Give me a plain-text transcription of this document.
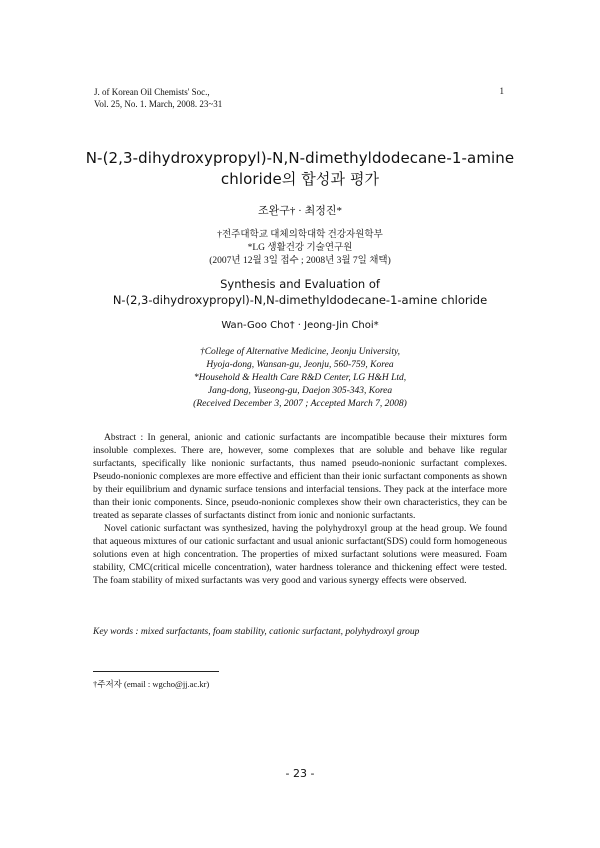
J. of Korean Oil Chemists' Soc.,
Vol. 25, No. 1. March, 2008. 23~31
1
N-(2,3-dihydroxypropyl)-N,N-dimethyldodecane-1-amine
chloride의 합성과 평가
조완구† · 최정진*
†전주대학교 대체의학대학 건강자원학부
*LG 생활건강 기술연구원
(2007년 12월 3일 접수 ; 2008년 3월 7일 채택)
Synthesis and Evaluation of
N-(2,3-dihydroxypropyl)-N,N-dimethyldodecane-1-amine chloride
Wan-Goo Cho† · Jeong-Jin Choi*
†College of Alternative Medicine, Jeonju University,
Hyoja-dong, Wansan-gu, Jeonju, 560-759, Korea
*Household & Health Care R&D Center, LG H&H Ltd,
Jang-dong, Yuseong-gu, Daejon 305-343, Korea
(Received December 3, 2007 ; Accepted March 7, 2008)

Abstract : In general, anionic and cationic surfactants are incompatible because their mixtures form insoluble complexes. There are, however, some complexes that are soluble and behave like regular surfactants, specifically like nonionic surfactants, thus named pseudo-nonionic surfactant complexes. Pseudo-nonionic complexes are more effective and efficient than their ionic surfactant components as shown by their equilibrium and dynamic surface tensions and interfacial tensions. They pack at the interface more than their ionic components. Since, pseudo-nonionic complexes show their own characteristics, they can be treated as separate classes of surfactants distinct from ionic and nonionic surfactants.

Novel cationic surfactant was synthesized, having the polyhydroxyl group at the head group. We found that aqueous mixtures of our cationic surfactant and usual anionic surfactant(SDS) could form homogeneous solutions even at high concentration. The properties of mixed surfactant solutions were measured. Foam stability, CMC(critical micelle concentration), water hardness tolerance and thickening effect were tested. The foam stability of mixed surfactants was very good and various synergy effects were observed.

Key words : mixed surfactants, foam stability, cationic surfactant, polyhydroxyl group
†주저자 (email : wgcho@jj.ac.kr)
- 23 -
